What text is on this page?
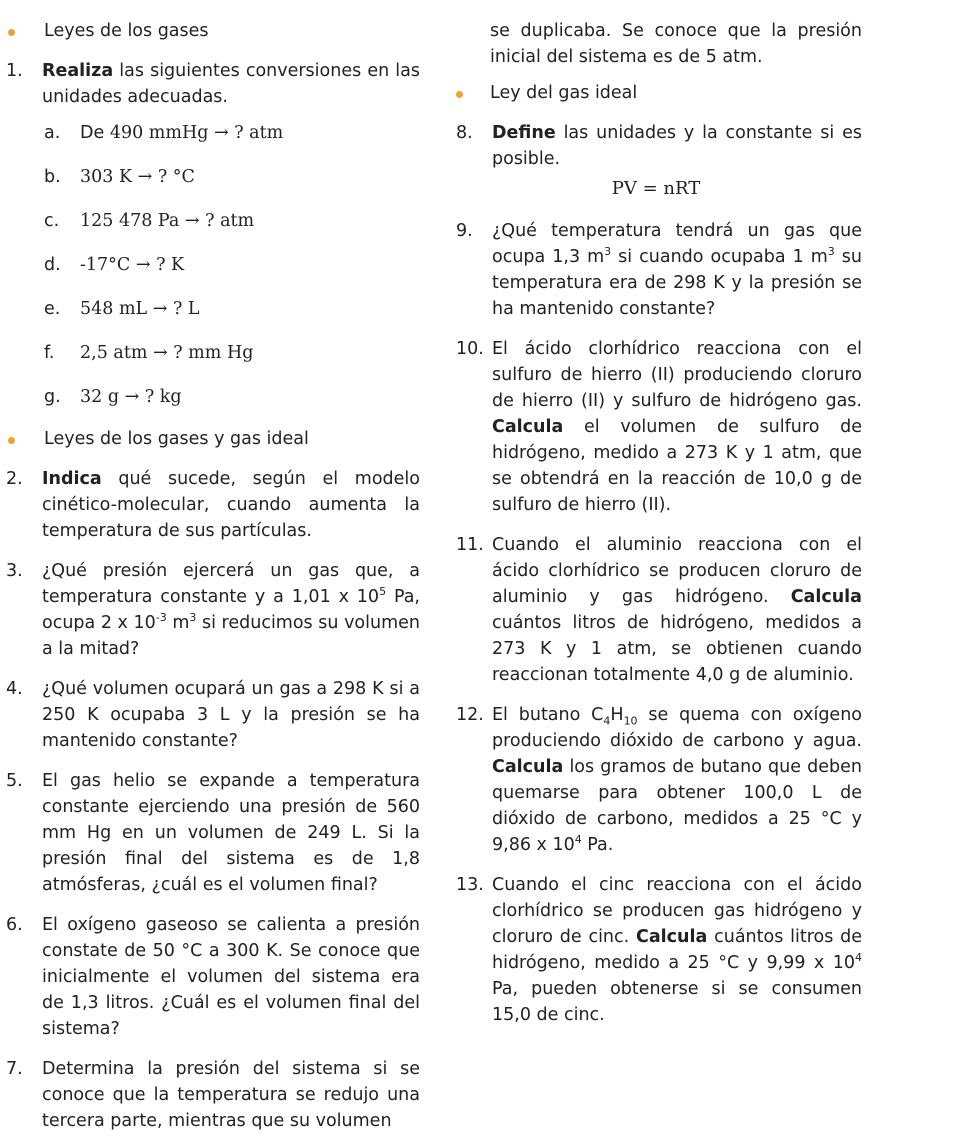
Leyes de los gases
1. Realiza las siguientes conversiones en las unidades adecuadas.
a. De 490 mmHg → ? atm
b. 303 K → ? °C
c. 125 478 Pa → ? atm
d. -17°C → ? K
e. 548 mL → ? L
f. 2,5 atm → ? mm Hg
g. 32 g → ? kg
Leyes de los gases y gas ideal
2. Indica qué sucede, según el modelo cinético-molecular, cuando aumenta la temperatura de sus partículas.
3. ¿Qué presión ejercerá un gas que, a temperatura constante y a 1,01 x $10^5$ Pa, ocupa 2 x $10^{-3}$ $m^3$ si reducimos su volumen a la mitad?
4. ¿Qué volumen ocupará un gas a 298 K si a 250 K ocupaba 3 L y la presión se ha mantenido constante?
5. El gas helio se expande a temperatura constante ejerciendo una presión de 560 mm Hg en un volumen de 249 L. Si la presión final del sistema es de 1,8 atmósferas, ¿cuál es el volumen final?
6. El oxígeno gaseoso se calienta a presión constate de 50 °C a 300 K. Se conoce que inicialmente el volumen del sistema era de 1,3 litros. ¿Cuál es el volumen final del sistema?
7. Determina la presión del sistema si se conoce que la temperatura se redujo una tercera parte, mientras que su volumen
se duplicaba. Se conoce que la presión inicial del sistema es de 5 atm.
Ley del gas ideal
8. Define las unidades y la constante si es posible.
PV = nRT
9. ¿Qué temperatura tendrá un gas que ocupa 1,3 $m^3$ si cuando ocupaba 1 $m^3$ su temperatura era de 298 K y la presión se ha mantenido constante?
10. El ácido clorhídrico reacciona con el sulfuro de hierro (II) produciendo cloruro de hierro (II) y sulfuro de hidrógeno gas. Calcula el volumen de sulfuro de hidrógeno, medido a 273 K y 1 atm, que se obtendrá en la reacción de 10,0 g de sulfuro de hierro (II).
11. Cuando el aluminio reacciona con el ácido clorhídrico se producen cloruro de aluminio y gas hidrógeno. Calcula cuántos litros de hidrógeno, medidos a 273 K y 1 atm, se obtienen cuando reaccionan totalmente 4,0 g de aluminio.
12. El butano $C_4H_{10}$ se quema con oxígeno produciendo dióxido de carbono y agua. Calcula los gramos de butano que deben quemarse para obtener 100,0 L de dióxido de carbono, medidos a 25 °C y 9,86 x $10^4$ Pa.
13. Cuando el cinc reacciona con el ácido clorhídrico se producen gas hidrógeno y cloruro de cinc. Calcula cuántos litros de hidrógeno, medido a 25 °C y 9,99 x $10^4$ Pa, pueden obtenerse si se consumen 15,0 de cinc.
